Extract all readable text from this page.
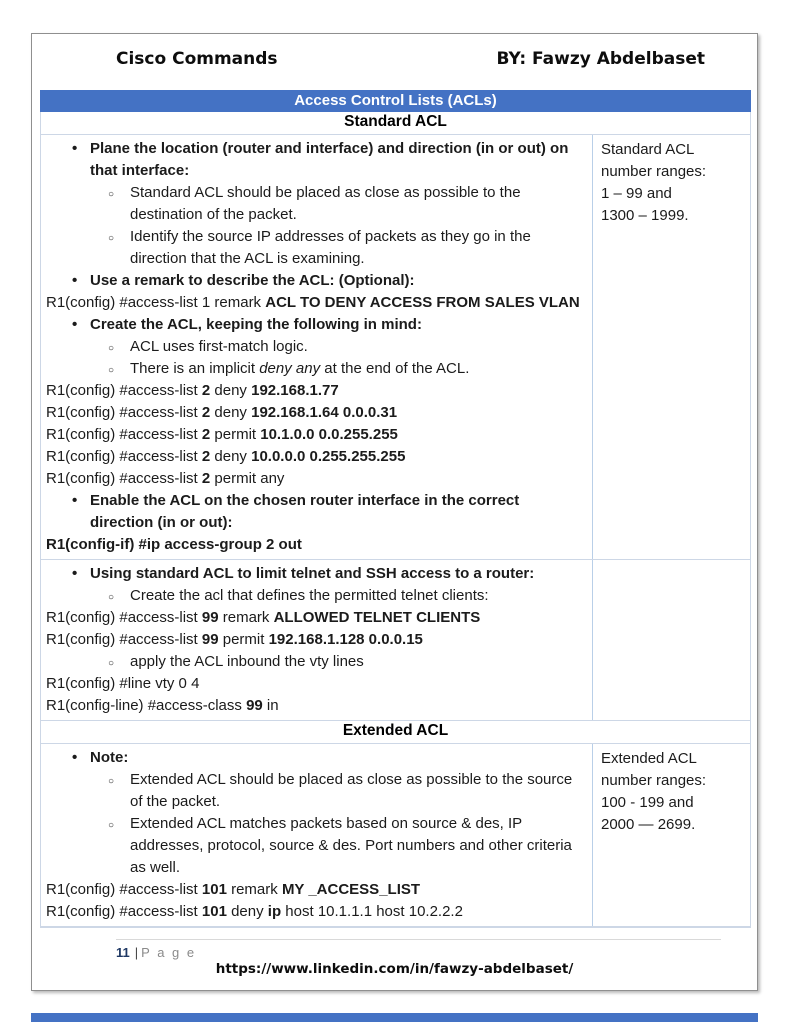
Cisco Commands	BY: Fawzy Abdelbaset
Access Control Lists (ACLs)
Standard ACL
• Plane the location (router and interface) and direction (in or out) on that interface:
○ Standard ACL should be placed as close as possible to the destination of the packet.
○ Identify the source IP addresses of packets as they go in the direction that the ACL is examining.
• Use a remark to describe the ACL: (Optional):
R1(config) #access-list 1 remark ACL TO DENY ACCESS FROM SALES VLAN
• Create the ACL, keeping the following in mind:
○ ACL uses first-match logic.
○ There is an implicit deny any at the end of the ACL.
R1(config) #access-list 2 deny 192.168.1.77
R1(config) #access-list 2 deny 192.168.1.64 0.0.0.31
R1(config) #access-list 2 permit 10.1.0.0 0.0.255.255
R1(config) #access-list 2 deny 10.0.0.0 0.255.255.255
R1(config) #access-list 2 permit any
• Enable the ACL on the chosen router interface in the correct direction (in or out):
R1(config-if) #ip access-group 2 out
Standard ACL
number ranges:
1 – 99 and
1300 – 1999.
• Using standard ACL to limit telnet and SSH access to a router:
○ Create the acl that defines the permitted telnet clients:
R1(config) #access-list 99 remark ALLOWED TELNET CLIENTS
R1(config) #access-list 99 permit 192.168.1.128 0.0.0.15
○ apply the ACL inbound the vty lines
R1(config) #line vty 0 4
R1(config-line) #access-class 99 in
Extended ACL
• Note:
○ Extended ACL should be placed as close as possible to the source of the packet.
○ Extended ACL matches packets based on source & des, IP addresses, protocol, source & des. Port numbers and other criteria as well.
R1(config) #access-list 101 remark MY _ACCESS_LIST
R1(config) #access-list 101 deny ip host 10.1.1.1 host 10.2.2.2
Extended ACL
number ranges:
100 - 199 and
2000 — 2699.
11 | P a g e
https://www.linkedin.com/in/fawzy-abdelbaset/
